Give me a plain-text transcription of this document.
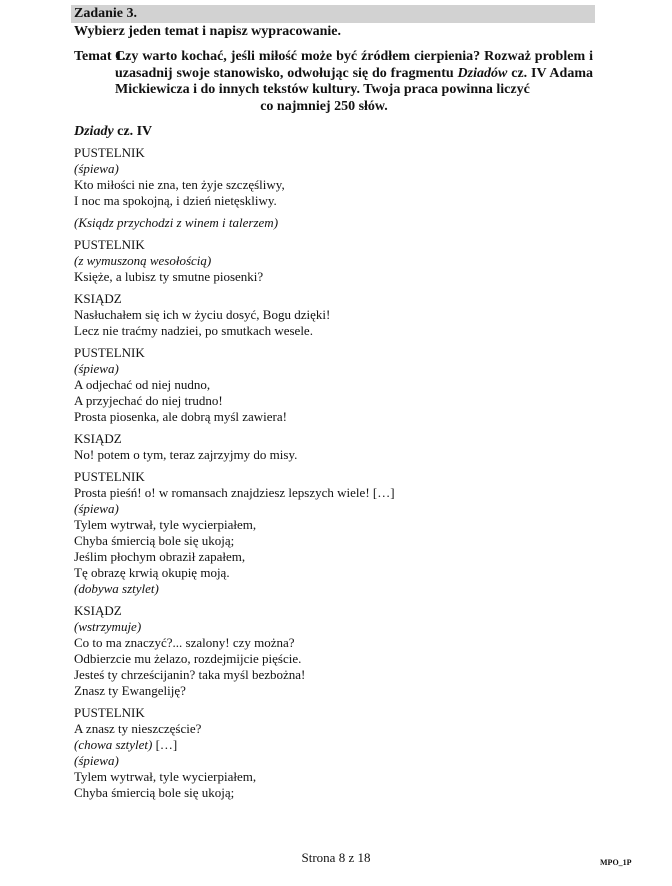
Zadanie 3.
Wybierz jeden temat i napisz wypracowanie.
Temat 1.
Czy warto kochać, jeśli miłość może być źródłem cierpienia? Rozważ problem i uzasadnij swoje stanowisko, odwołując się do fragmentu Dziadów cz. IV Adama Mickiewicza i do innych tekstów kultury. Twoja praca powinna liczyć
co najmniej 250 słów.
Dziady cz. IV
PUSTELNIK
(śpiewa)
Kto miłości nie zna, ten żyje szczęśliwy,
I noc ma spokojną, i dzień nietęskliwy.
(Ksiądz przychodzi z winem i talerzem)
PUSTELNIK
(z wymuszoną wesołością)
Księże, a lubisz ty smutne piosenki?
KSIĄDZ
Nasłuchałem się ich w życiu dosyć, Bogu dzięki!
Lecz nie traćmy nadziei, po smutkach wesele.
PUSTELNIK
(śpiewa)
A odjechać od niej nudno,
A przyjechać do niej trudno!
Prosta piosenka, ale dobrą myśl zawiera!
KSIĄDZ
No! potem o tym, teraz zajrzyjmy do misy.
PUSTELNIK
Prosta pieśń! o! w romansach znajdziesz lepszych wiele! […]
(śpiewa)
Tylem wytrwał, tyle wycierpiałem,
Chyba śmiercią bole się ukoją;
Jeślim płochym obraził zapałem,
Tę obrazę krwią okupię moją.
(dobywa sztylet)
KSIĄDZ
(wstrzymuje)
Co to ma znaczyć?... szalony! czy można?
Odbierzcie mu żelazo, rozdejmijcie pięście.
Jesteś ty chrześcijanin? taka myśl bezbożna!
Znasz ty Ewangeliję?
PUSTELNIK
A znasz ty nieszczęście?
(chowa sztylet) […]
(śpiewa)
Tylem wytrwał, tyle wycierpiałem,
Chyba śmiercią bole się ukoją;
Strona 8 z 18	MPO_1P
